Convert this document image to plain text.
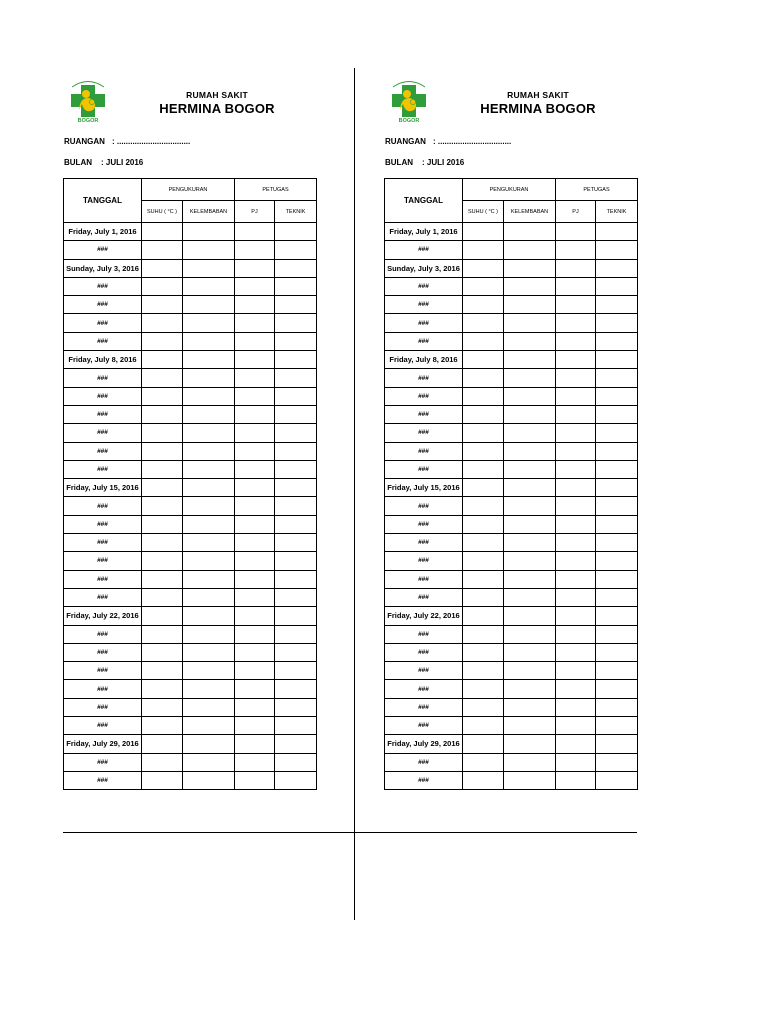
BOGOR
RUMAH SAKIT
HERMINA BOGOR
RUANGAN : .................................
BULAN : JULI 2016
TANGGAL	PENGUKURAN		PETUGAS	
	SUHU ( °C )	KELEMBABAN	PJ	TEKNIK
Friday, July 1, 2016				
###				
Sunday, July 3, 2016				
###				
###				
###				
###				
Friday, July 8, 2016				
###				
###				
###				
###				
###				
###				
Friday, July 15, 2016				
###				
###				
###				
###				
###				
###				
Friday, July 22, 2016				
###				
###				
###				
###				
###				
###				
Friday, July 29, 2016				
###				
###				
BOGOR
RUMAH SAKIT
HERMINA BOGOR
RUANGAN : .................................
BULAN : JULI 2016
TANGGAL	PENGUKURAN		PETUGAS	
	SUHU ( °C )	KELEMBABAN	PJ	TEKNIK
Friday, July 1, 2016				
###				
Sunday, July 3, 2016				
###				
###				
###				
###				
Friday, July 8, 2016				
###				
###				
###				
###				
###				
###				
Friday, July 15, 2016				
###				
###				
###				
###				
###				
###				
Friday, July 22, 2016				
###				
###				
###				
###				
###				
###				
Friday, July 29, 2016				
###				
###				
